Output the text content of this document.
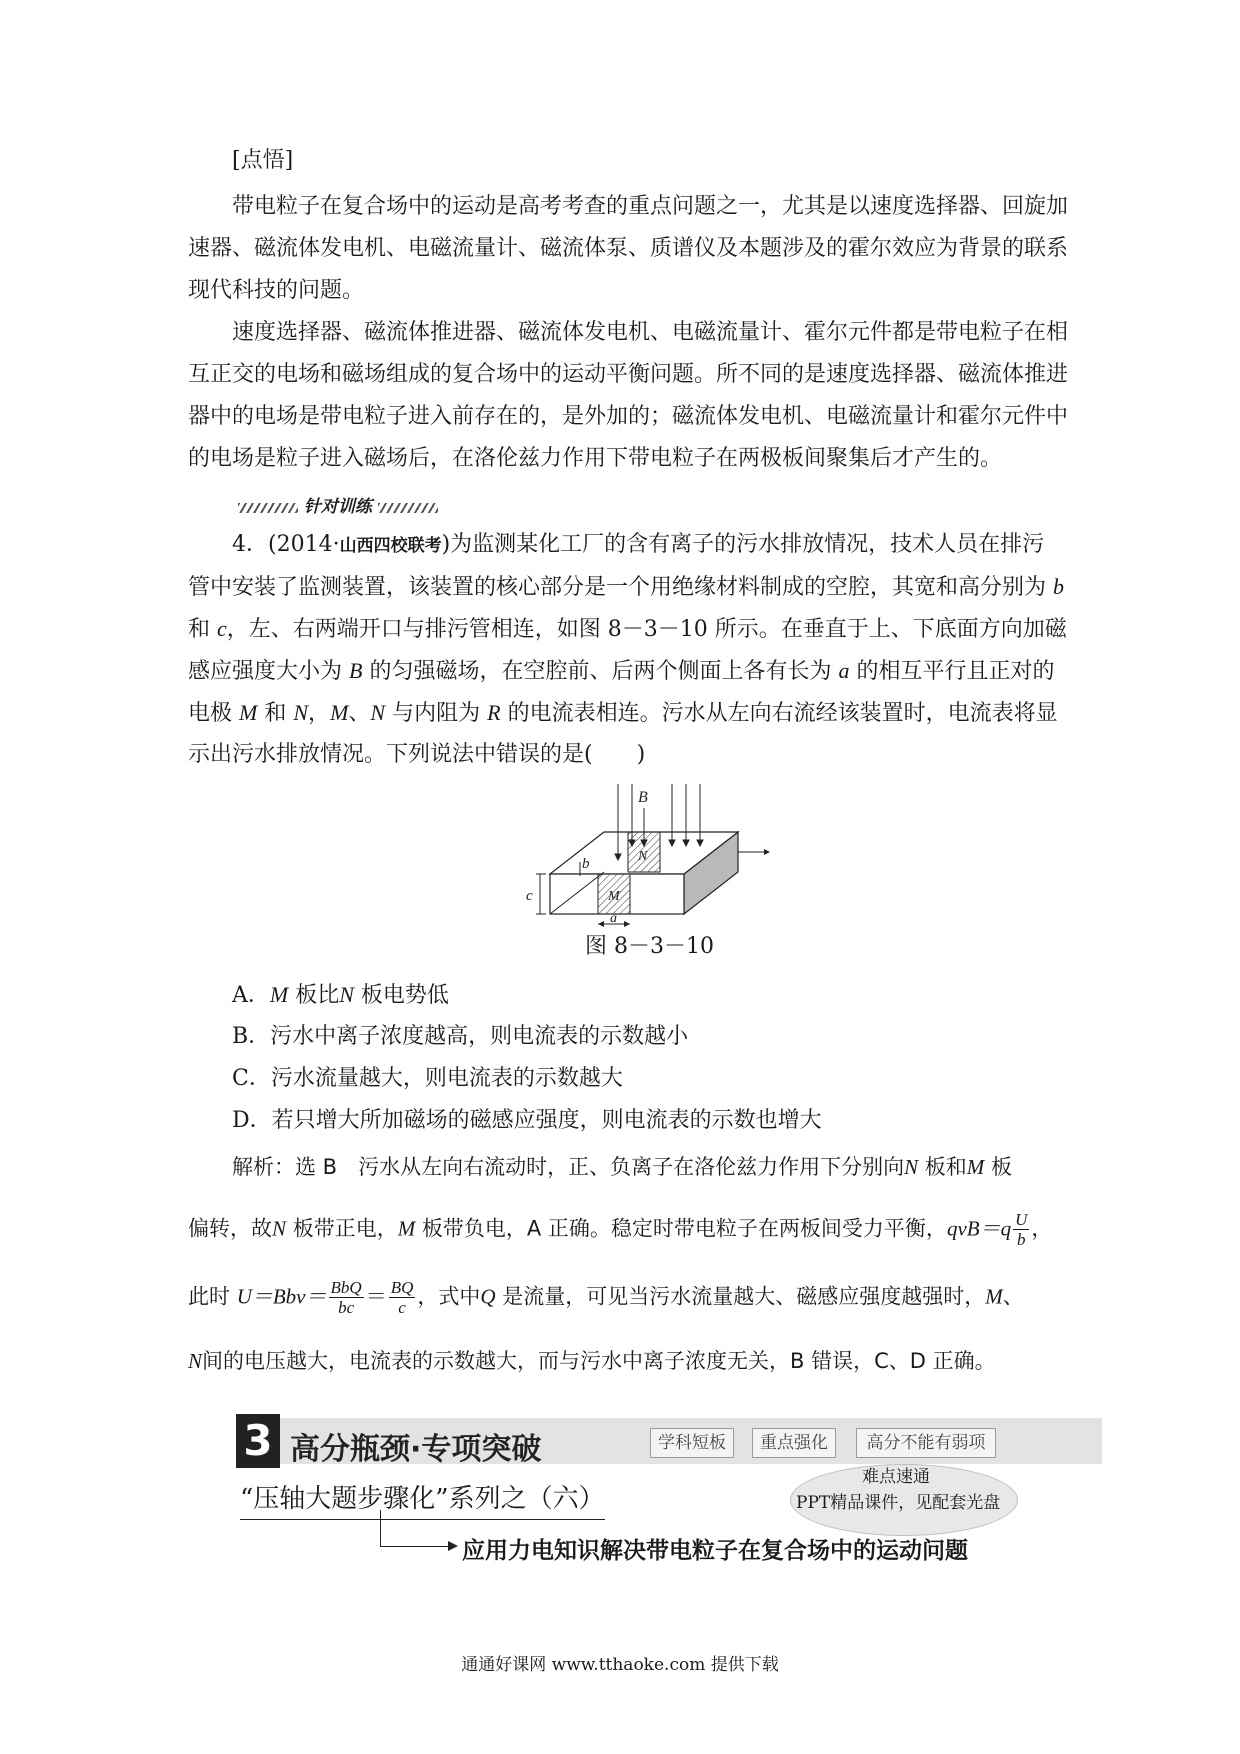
[点悟]
带电粒子在复合场中的运动是高考考查的重点问题之一，尤其是以速度选择器、回旋加
速器、磁流体发电机、电磁流量计、磁流体泵、质谱仪及本题涉及的霍尔效应为背景的联系
现代科技的问题。
速度选择器、磁流体推进器、磁流体发电机、电磁流量计、霍尔元件都是带电粒子在相
互正交的电场和磁场组成的复合场中的运动平衡问题。所不同的是速度选择器、磁流体推进
器中的电场是带电粒子进入前存在的，是外加的；磁流体发电机、电磁流量计和霍尔元件中
的电场是粒子进入磁场后，在洛伦兹力作用下带电粒子在两极板间聚集后才产生的。
针对训练
4．(2014·山西四校联考)为监测某化工厂的含有离子的污水排放情况，技术人员在排污
管中安装了监测装置，该装置的核心部分是一个用绝缘材料制成的空腔，其宽和高分别为 b
和 c，左、右两端开口与排污管相连，如图 8－3－10 所示。在垂直于上、下底面方向加磁
感应强度大小为 B 的匀强磁场，在空腔前、后两个侧面上各有长为 a 的相互平行且正对的
电极 M 和 N，M、N 与内阻为 R 的电流表相连。污水从左向右流经该装置时，电流表将显
示出污水排放情况。下列说法中错误的是(　　)
B
N
M
a
b
c
图 8－3－10
A．M 板比N 板电势低
B．污水中离子浓度越高，则电流表的示数越小
C．污水流量越大，则电流表的示数越大
D．若只增大所加磁场的磁感应强度，则电流表的示数也增大
解析：选 B　污水从左向右流动时，正、负离子在洛伦兹力作用下分别向N 板和M 板
偏转，故N 板带正电，M 板带负电，A 正确。稳定时带电粒子在两板间受力平衡，$qvB=q \frac{U}{b}$ ，
此时 $U=Bbv= \frac{\text{BbQ}}{bc} = \frac{BQ}{c}$ ，式中Q 是流量，可见当污水流量越大、磁感应强度越强时，M、
N间的电压越大，电流表的示数越大，而与污水中离子浓度无关，B 错误，C、D 正确。
3 高分瓶颈·专项突破	学科短板	重点强化	高分不能有弱项
“压轴大题步骤化”系列之（六）
难点速通
PPT精品课件，见配套光盘
应用力电知识解决带电粒子在复合场中的运动问题
通通好课网 www.tthaoke.com 提供下载
